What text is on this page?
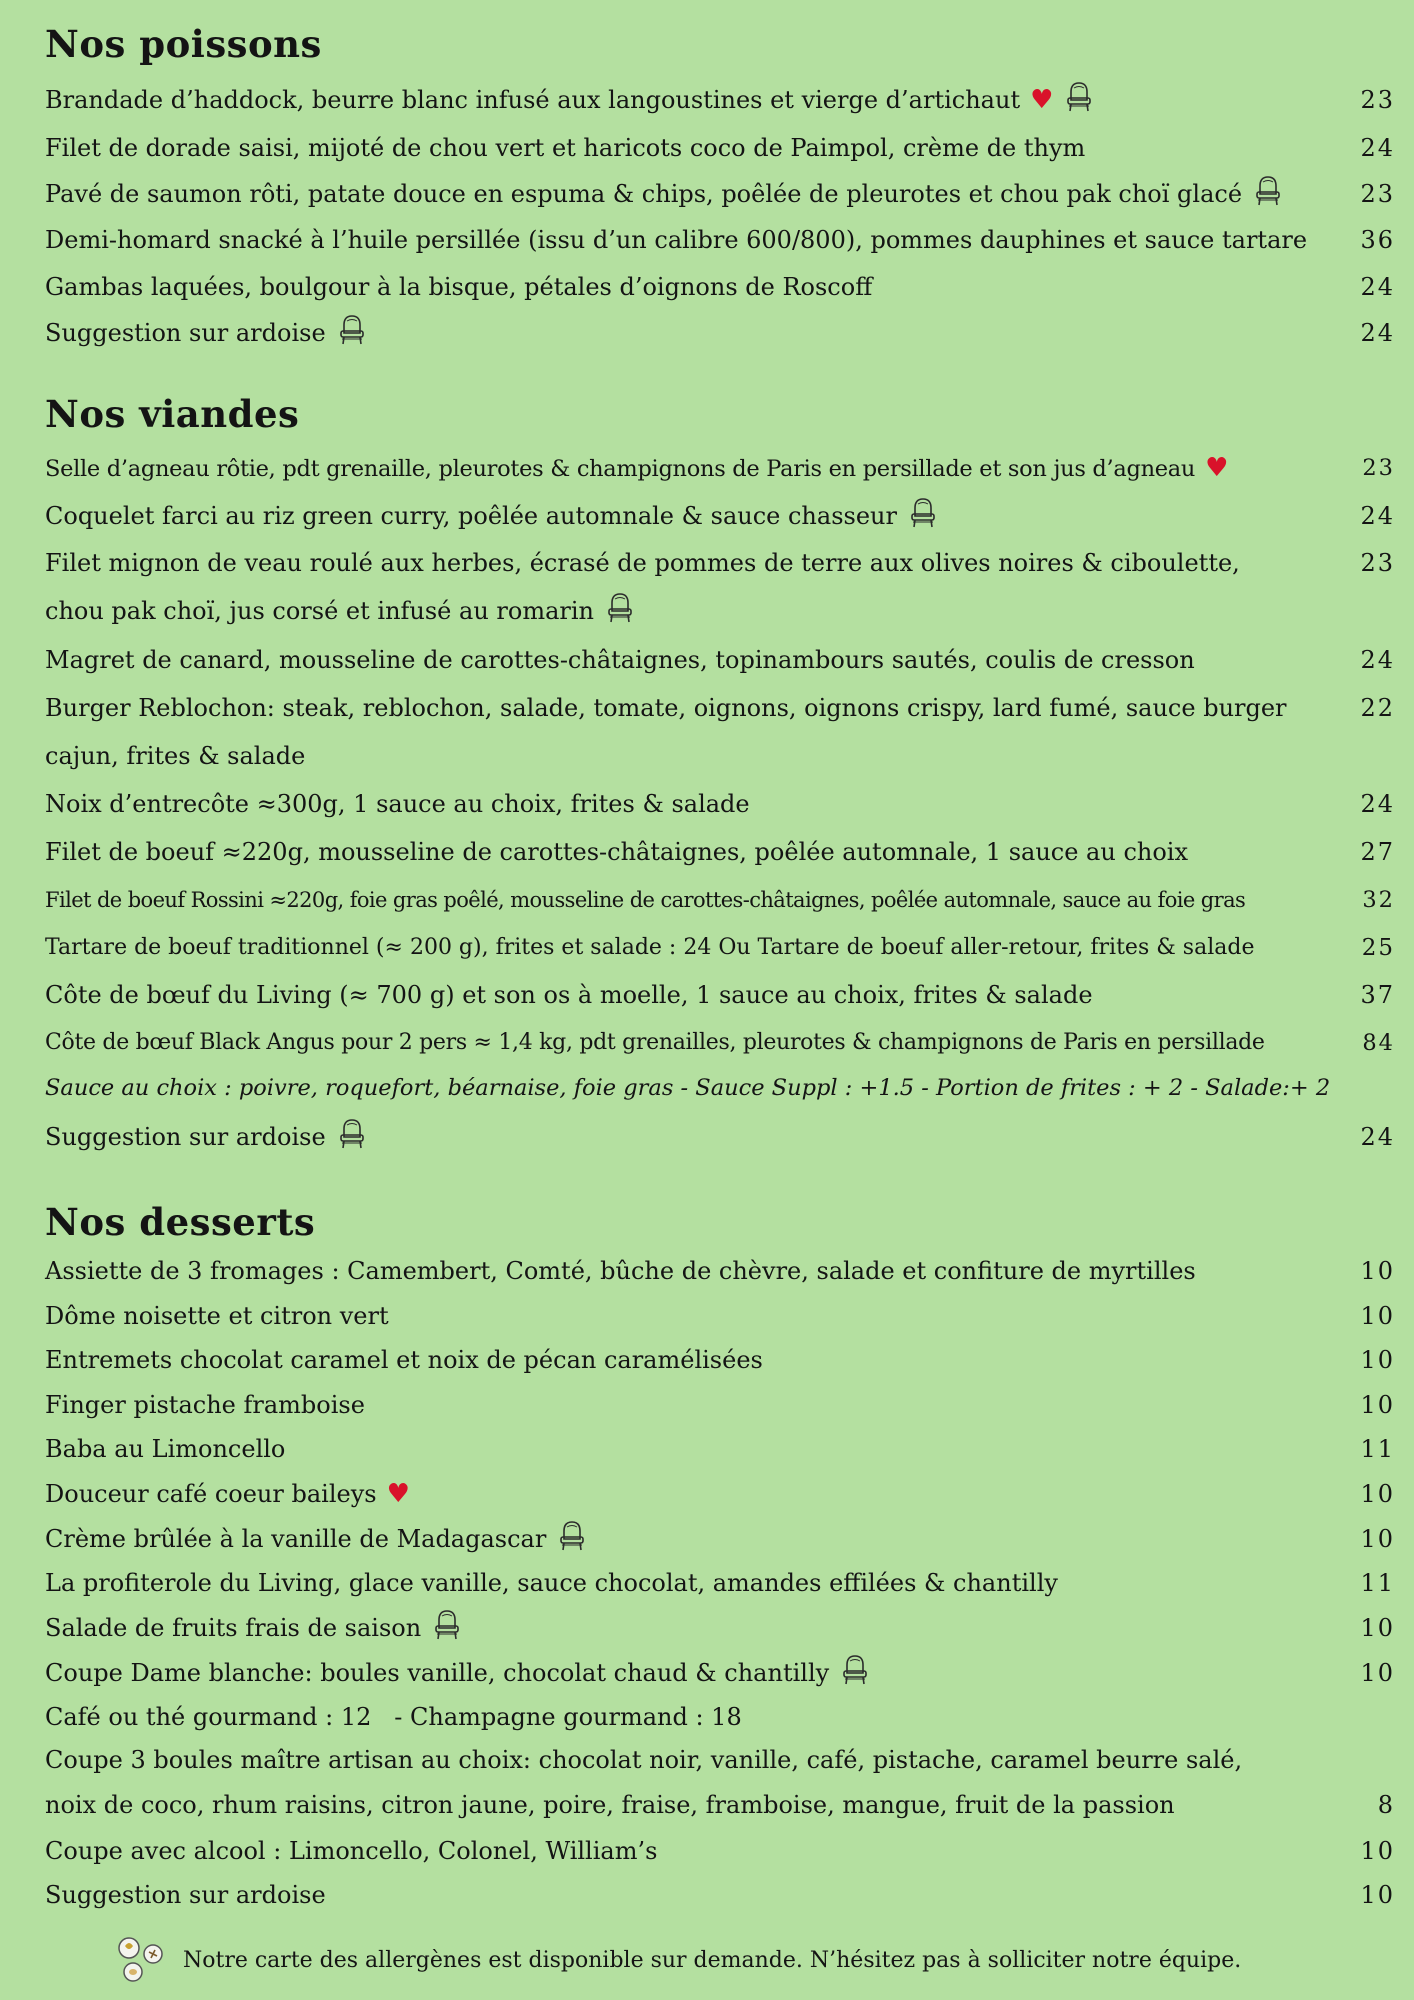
Nos poissons
Brandade d’haddock, beurre blanc infusé aux langoustines et vierge d’artichaut ♥	23
Filet de dorade saisi, mijoté de chou vert et haricots coco de Paimpol, crème de thym	24
Pavé de saumon rôti, patate douce en espuma & chips, poêlée de pleurotes et chou pak choï glacé	23
Demi-homard snacké à l’huile persillée (issu d’un calibre 600/800), pommes dauphines et sauce tartare	36
Gambas laquées, boulgour à la bisque, pétales d’oignons de Roscoff	24
Suggestion sur ardoise	24
Nos viandes
Selle d’agneau rôtie, pdt grenaille, pleurotes & champignons de Paris en persillade et son jus d’agneau ♥	23
Coquelet farci au riz green curry, poêlée automnale & sauce chasseur	24
Filet mignon de veau roulé aux herbes, écrasé de pommes de terre aux olives noires & ciboulette, chou pak choï, jus corsé et infusé au romarin
23
Magret de canard, mousseline de carottes-châtaignes, topinambours sautés, coulis de cresson	24
Burger Reblochon: steak, reblochon, salade, tomate, oignons, oignons crispy, lard fumé, sauce burger cajun, frites & salade
22
Noix d’entrecôte ≈300g, 1 sauce au choix, frites & salade	24
Filet de boeuf ≈220g, mousseline de carottes-châtaignes, poêlée automnale, 1 sauce au choix	27
Filet de boeuf Rossini ≈220g, foie gras poêlé, mousseline de carottes-châtaignes, poêlée automnale, sauce au foie gras	32
Tartare de boeuf traditionnel (≈ 200 g), frites et salade : 24 Ou Tartare de boeuf aller-retour, frites & salade	25
Côte de bœuf du Living (≈ 700 g) et son os à moelle, 1 sauce au choix, frites & salade	37
Côte de bœuf Black Angus pour 2 pers ≈ 1,4 kg, pdt grenailles, pleurotes & champignons de Paris en persillade	84
Sauce au choix : poivre, roquefort, béarnaise, foie gras - Sauce Suppl : +1.5 - Portion de frites : + 2 - Salade:+ 2
Suggestion sur ardoise	24
Nos desserts
Assiette de 3 fromages : Camembert, Comté, bûche de chèvre, salade et confiture de myrtilles	10
Dôme noisette et citron vert	10
Entremets chocolat caramel et noix de pécan caramélisées	10
Finger pistache framboise	10
Baba au Limoncello	11
Douceur café coeur baileys ♥	10
Crème brûlée à la vanille de Madagascar	10
La profiterole du Living, glace vanille, sauce chocolat, amandes effilées & chantilly	11
Salade de fruits frais de saison	10
Coupe Dame blanche: boules vanille, chocolat chaud & chantilly	10
Café ou thé gourmand : 12   - Champagne gourmand : 18
Coupe 3 boules maître artisan au choix: chocolat noir, vanille, café, pistache, caramel beurre salé, noix de coco, rhum raisins, citron jaune, poire, fraise, framboise, mangue, fruit de la passion	8
Coupe avec alcool : Limoncello, Colonel, William’s	10
Suggestion sur ardoise	10
Notre carte des allergènes est disponible sur demande. N’hésitez pas à solliciter notre équipe.
